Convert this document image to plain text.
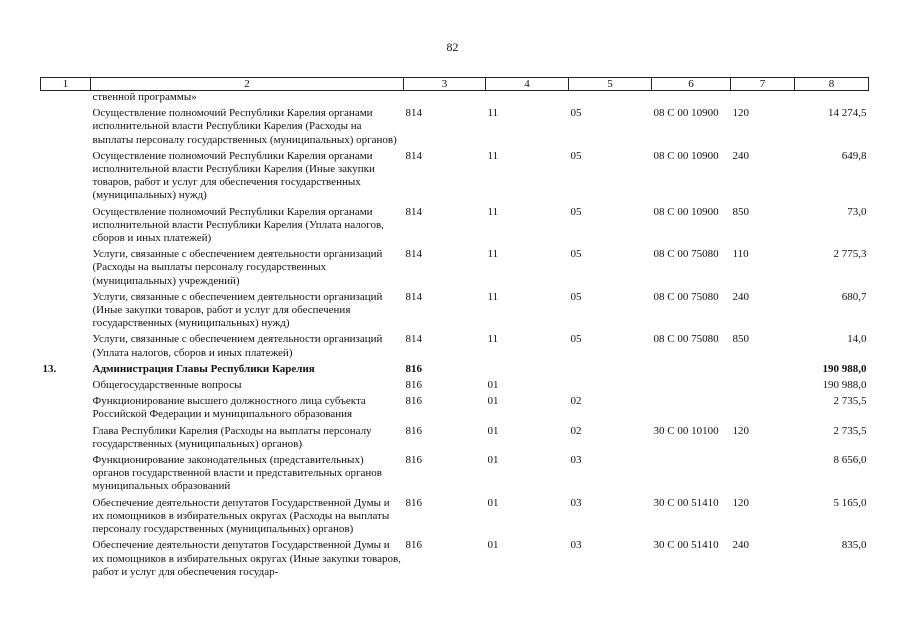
82
1	2	3	4	5	6	7	8
	ственной программы»						
	Осуществление полномочий Республики Карелия органами исполнительной власти Республики Карелия (Расходы на выплаты персоналу государственных (муниципальных) органов)	814	11	05	08 С 00 10900	120	14 274,5
	Осуществление полномочий Республики Карелия органами исполнительной власти Республики Карелия (Иные закупки товаров, работ и услуг для обеспечения государственных (муниципальных) нужд)	814	11	05	08 С 00 10900	240	649,8
	Осуществление полномочий Республики Карелия органами исполнительной власти Республики Карелия (Уплата налогов, сборов и иных платежей)	814	11	05	08 С 00 10900	850	73,0
	Услуги, связанные с обеспечением деятельности организаций (Расходы на выплаты персоналу государственных (муниципальных) учреждений)	814	11	05	08 С 00 75080	110	2 775,3
	Услуги, связанные с обеспечением деятельности организаций (Иные закупки товаров, работ и услуг для обеспечения государственных (муниципальных) нужд)	814	11	05	08 С 00 75080	240	680,7
	Услуги, связанные с обеспечением деятельности организаций (Уплата налогов, сборов и иных платежей)	814	11	05	08 С 00 75080	850	14,0
13.	Администрация Главы Республики Карелия	816					190 988,0
	Общегосударственные вопросы	816	01				190 988,0
	Функционирование высшего должностного лица субъекта Российской Федерации и муниципального образования	816	01	02			2 735,5
	Глава Республики Карелия (Расходы на выплаты персоналу государственных (муниципальных) органов)	816	01	02	30 С 00 10100	120	2 735,5
	Функционирование законодательных (представительных) органов государственной власти и представительных органов муниципальных образований	816	01	03			8 656,0
	Обеспечение деятельности депутатов Государственной Думы и их помощников в избирательных округах (Расходы на выплаты персоналу государственных (муниципальных) органов)	816	01	03	30 С 00 51410	120	5 165,0
	Обеспечение деятельности депутатов Государственной Думы и их помощников в избирательных округах (Иные закупки товаров, работ и услуг для обеспечения государ-	816	01	03	30 С 00 51410	240	835,0
